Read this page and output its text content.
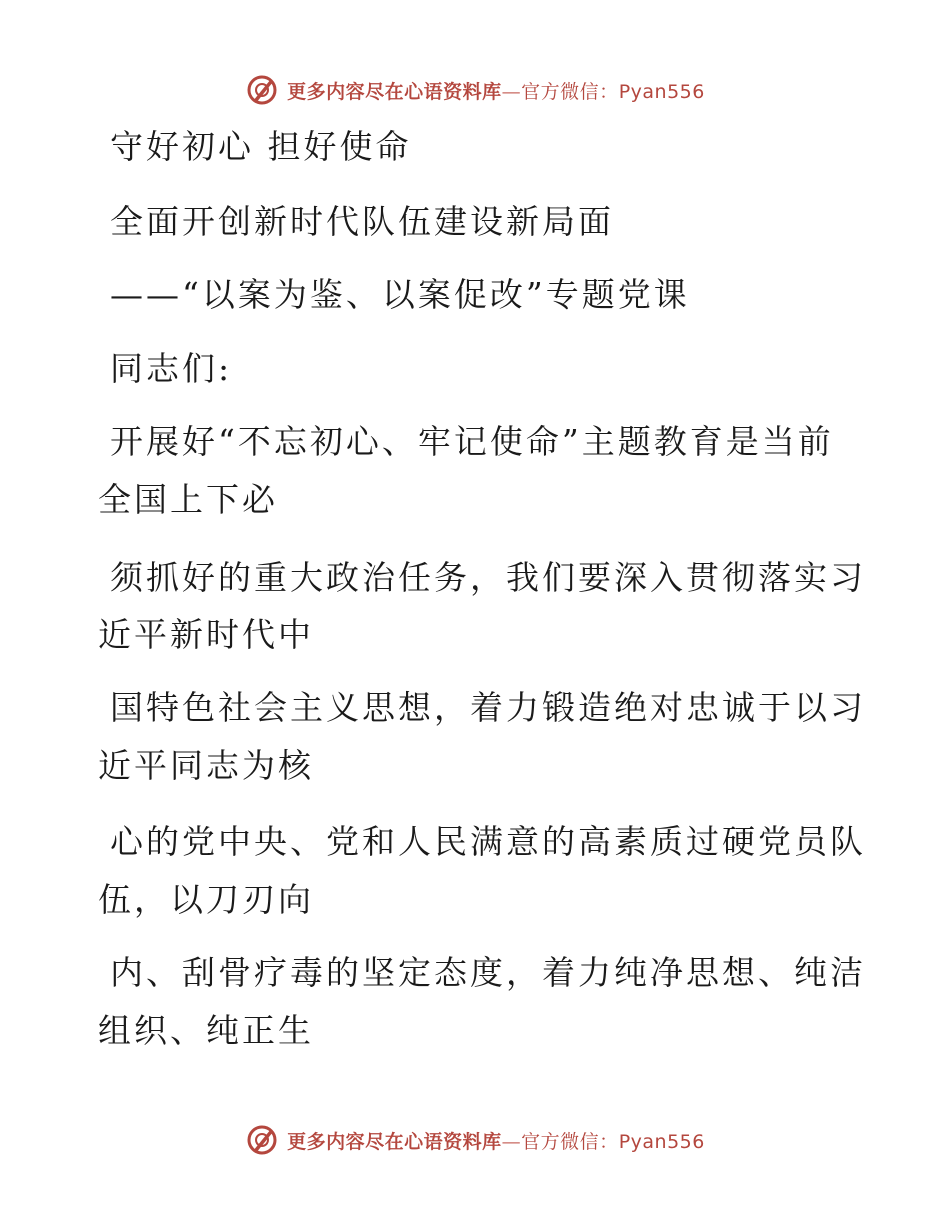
更多内容尽在心语资料库—官方微信：Pyan556
守好初心 担好使命
全面开创新时代队伍建设新局面
——“以案为鉴、以案促改”专题党课
同志们:
开展好“不忘初心、牢记使命”主题教育是当前
全国上下必
须抓好的重大政治任务，我们要深入贯彻落实习
近平新时代中
国特色社会主义思想，着力锻造绝对忠诚于以习
近平同志为核
心的党中央、党和人民满意的高素质过硬党员队
伍，以刀刃向
内、刮骨疗毒的坚定态度，着力纯净思想、纯洁
组织、纯正生
更多内容尽在心语资料库—官方微信：Pyan556
